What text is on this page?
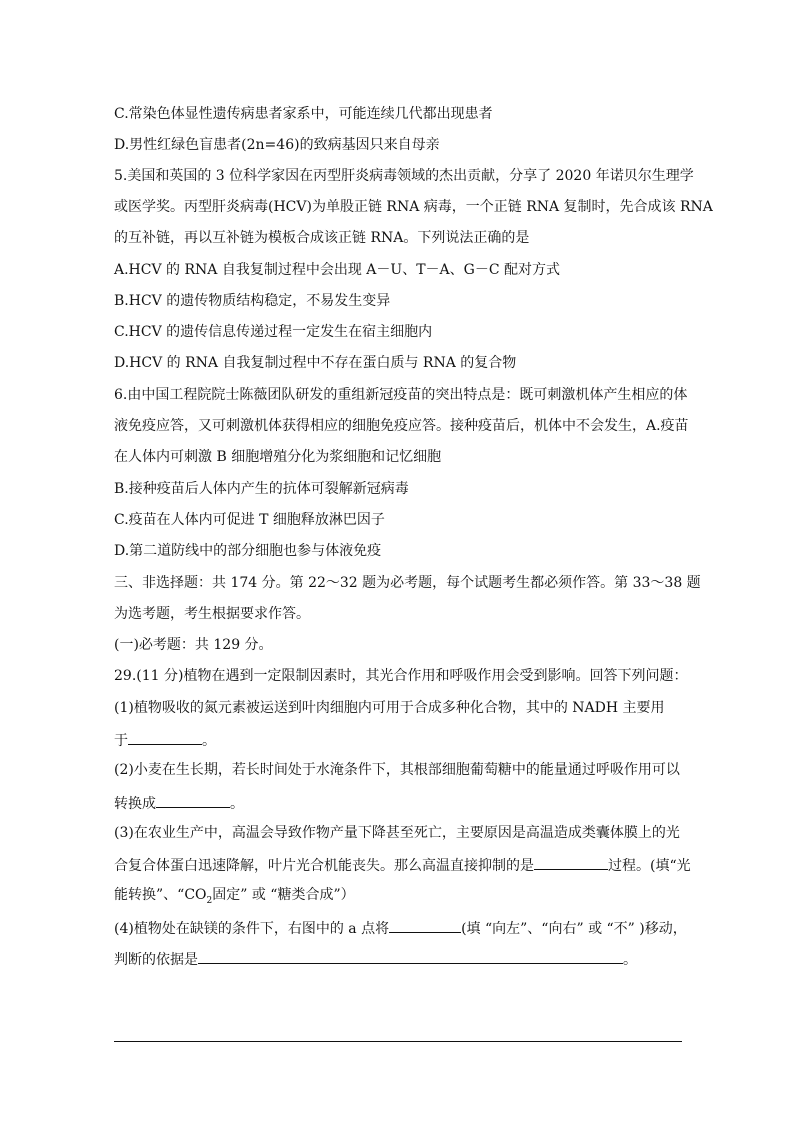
C.常染色体显性遗传病患者家系中，可能连续几代都出现患者
D.男性红绿色盲患者(2n=46)的致病基因只来自母亲
5.美国和英国的 3 位科学家因在丙型肝炎病毒领域的杰出贡献，分享了 2020 年诺贝尔生理学
或医学奖。丙型肝炎病毒(HCV)为单股正链 RNA 病毒，一个正链 RNA 复制时，先合成该 RNA
的互补链，再以互补链为模板合成该正链 RNA。下列说法正确的是
A.HCV 的 RNA 自我复制过程中会出现 A－U、T－A、G－C 配对方式
B.HCV 的遗传物质结构稳定，不易发生变异
C.HCV 的遗传信息传递过程一定发生在宿主细胞内
D.HCV 的 RNA 自我复制过程中不存在蛋白质与 RNA 的复合物
6.由中国工程院院士陈薇团队研发的重组新冠疫苗的突出特点是：既可刺激机体产生相应的体
液免疫应答，又可刺激机体获得相应的细胞免疫应答。接种疫苗后，机体中不会发生，A.疫苗
在人体内可刺激 B 细胞增殖分化为浆细胞和记忆细胞
B.接种疫苗后人体内产生的抗体可裂解新冠病毒
C.疫苗在人体内可促进 T 细胞释放淋巴因子
D.第二道防线中的部分细胞也参与体液免疫
三、非选择题：共 174 分。第 22～32 题为必考题，每个试题考生都必须作答。第 33～38 题
为选考题，考生根据要求作答。
(一)必考题：共 129 分。
29.(11 分)植物在遇到一定限制因素时，其光合作用和呼吸作用会受到影响。回答下列问题：
(1)植物吸收的氮元素被运送到叶肉细胞内可用于合成多种化合物，其中的 NADH 主要用
于	。
(2)小麦在生长期，若长时间处于水淹条件下，其根部细胞葡萄糖中的能量通过呼吸作用可以
转换成	。
(3)在农业生产中，高温会导致作物产量下降甚至死亡，主要原因是高温造成类囊体膜上的光
合复合体蛋白迅速降解，叶片光合机能丧失。那么高温直接抑制的是	过程。(填“光
能转换”、“$CO_2$固定” 或 “糖类合成”）
(4)植物处在缺镁的条件下，右图中的 a 点将	(填 “向左”、“向右” 或 “不” )移动，
判断的依据是	。
